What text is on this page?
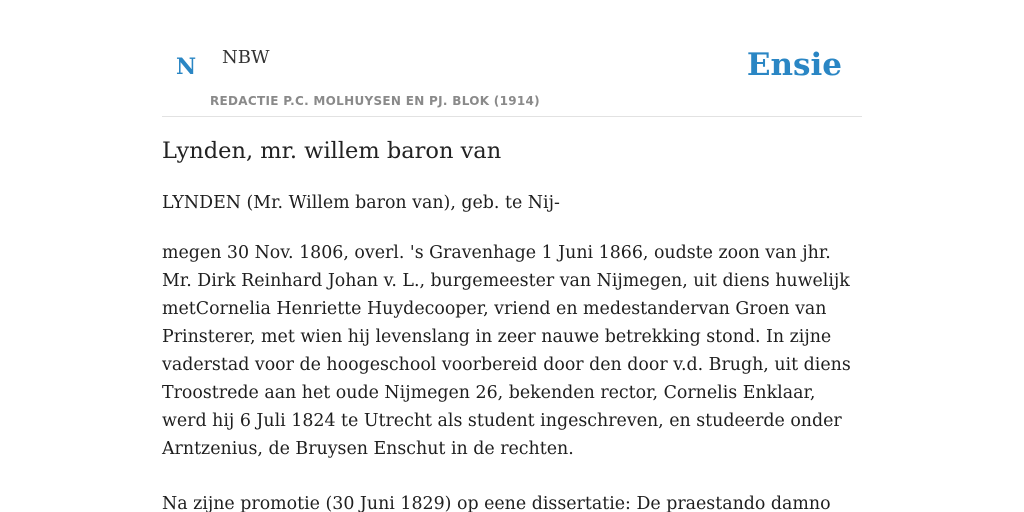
N NBW
REDACTIE P.C. MOLHUYSEN EN PJ. BLOK (1914)
Ensie
Lynden, mr. willem baron van

LYNDEN (Mr. Willem baron van), geb. te Nij-

megen 30 Nov. 1806, overl. 's Gravenhage 1 Juni 1866, oudste zoon van jhr. Mr. Dirk Reinhard Johan v. L., burgemeester van Nijmegen, uit diens huwelijk metCornelia Henriette Huydecooper, vriend en medestandervan Groen van Prinsterer, met wien hij levenslang in zeer nauwe betrekking stond. In zijne vaderstad voor de hoogeschool voorbereid door den door v.d. Brugh, uit diens Troostrede aan het oude Nijmegen 26, bekenden rector, Cornelis Enklaar, werd hij 6 Juli 1824 te Utrecht als student ingeschreven, en studeerde onder Arntzenius, de Bruysen Enschut in de rechten.

Na zijne promotie (30 Juni 1829) op eene dissertatie: De praestando damno
